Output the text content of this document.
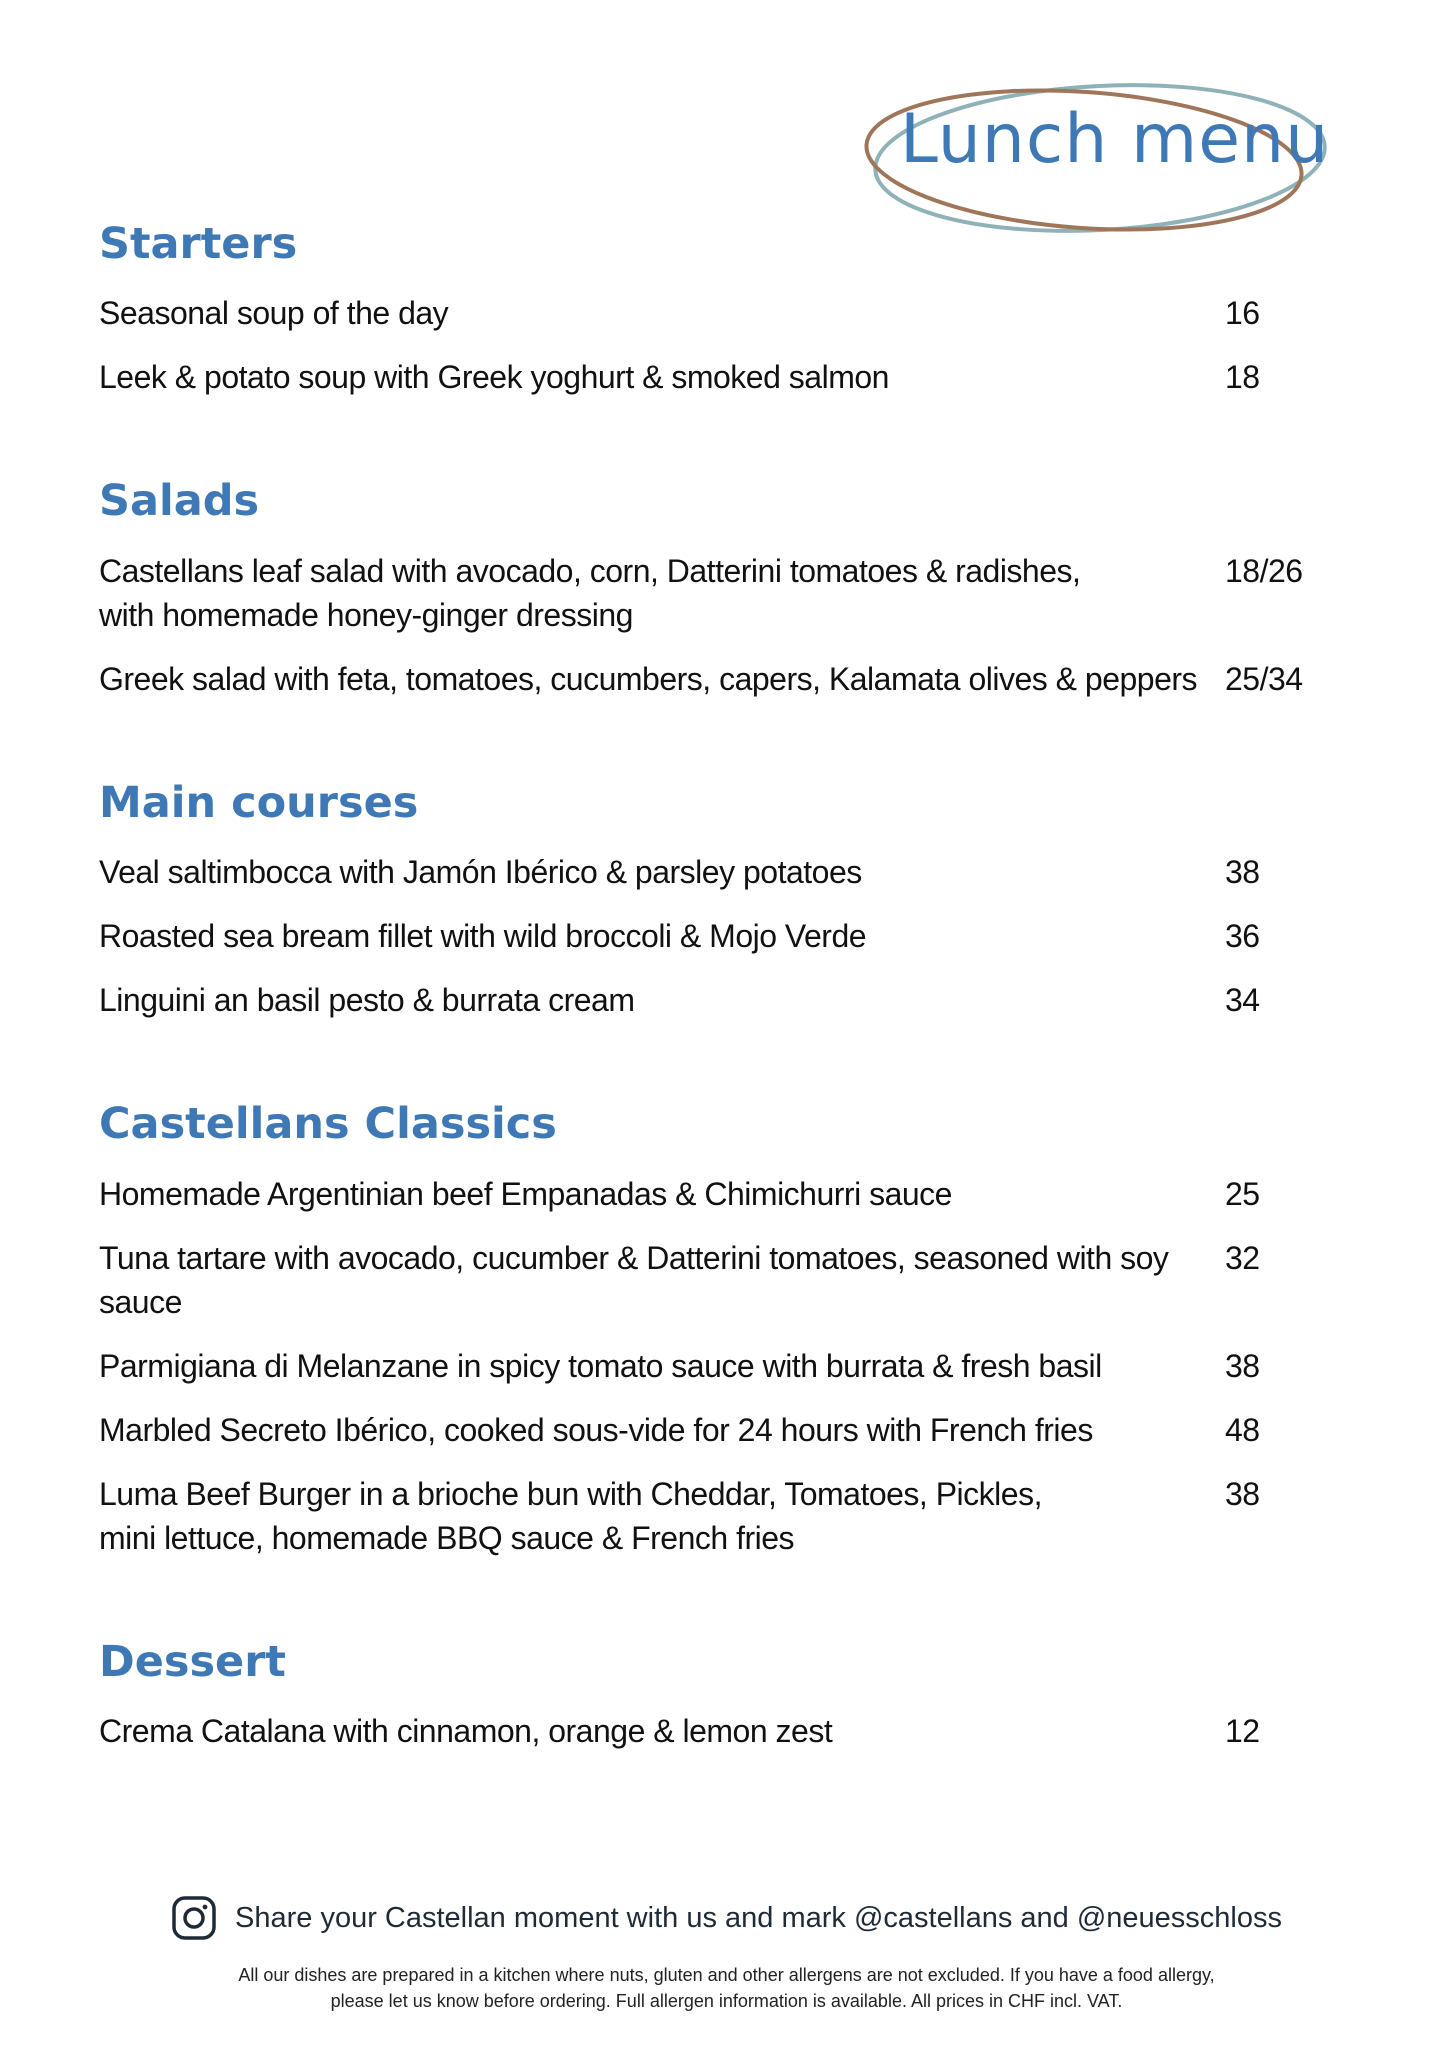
Lunch menu
Starters
Seasonal soup of the day	16
Leek & potato soup with Greek yoghurt & smoked salmon	18
Salads
Castellans leaf salad with avocado, corn, Datterini tomatoes & radishes,
with homemade honey-ginger dressing
18/26
Greek salad with feta, tomatoes, cucumbers, capers, Kalamata olives & peppers 25/34
Main courses
Veal saltimbocca with Jamón Ibérico & parsley potatoes	38
Roasted sea bream fillet with wild broccoli & Mojo Verde	36
Linguini an basil pesto & burrata cream	34
Castellans Classics
Homemade Argentinian beef Empanadas & Chimichurri sauce	25
Tuna tartare with avocado, cucumber & Datterini tomatoes, seasoned with soy sauce
32
Parmigiana di Melanzane in spicy tomato sauce with burrata & fresh basil	38
Marbled Secreto Ibérico, cooked sous-vide for 24 hours with French fries	48
Luma Beef Burger in a brioche bun with Cheddar, Tomatoes, Pickles,
mini lettuce, homemade BBQ sauce & French fries
38
Dessert
Crema Catalana with cinnamon, orange & lemon zest	12
Share your Castellan moment with us and mark @castellans and @neuesschloss
All our dishes are prepared in a kitchen where nuts, gluten and other allergens are not excluded. If you have a food allergy, please let us know before ordering. Full allergen information is available. All prices in CHF incl. VAT.
